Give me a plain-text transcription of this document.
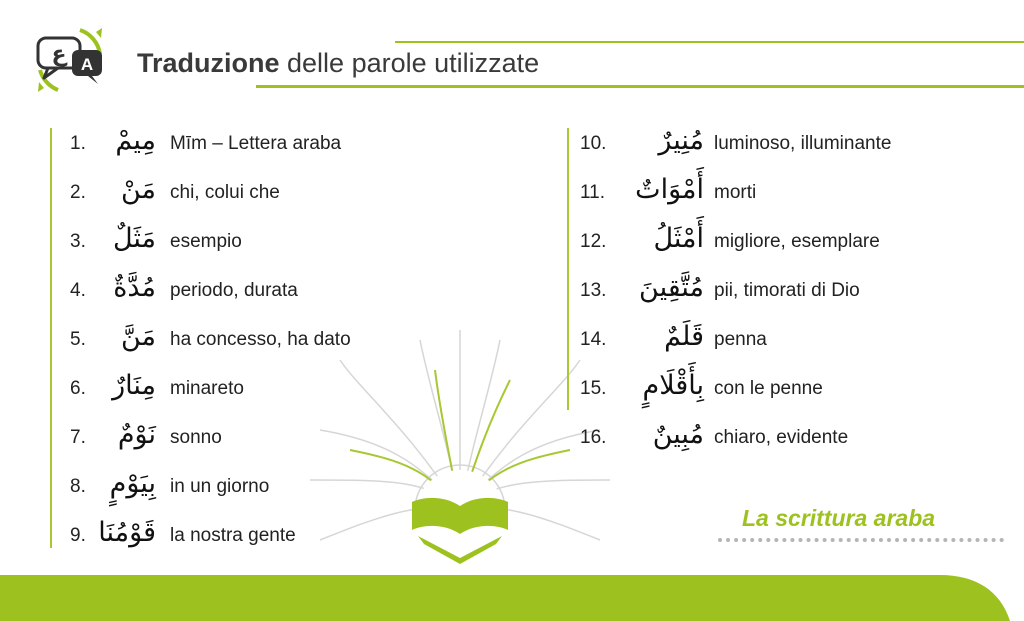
ع A Traduzione delle parole utilizzate
1.	مِيمْ Mīm – Lettera araba
2.	مَنْ chi, colui che
3.	مَثَلٌ esempio
4.	مُدَّةٌ periodo, durata
5.	مَنَّ ha concesso, ha dato
6. مِنَارٌ minareto
7.	نَوْمٌ sonno
8. بِيَوْمٍ in un giorno
9. قَوْمُنَا la nostra gente
10.	مُنِيرٌ luminoso, illuminante
11.	أَمْوَاتٌ morti
12.	أَمْثَلُ migliore, esemplare
13.	مُتَّقِينَ pii, timorati di Dio
14.	قَلَمٌ penna
15.	بِأَقْلَامٍ con le penne
16.	مُبِينٌ chiaro, evidente
La scrittura araba
